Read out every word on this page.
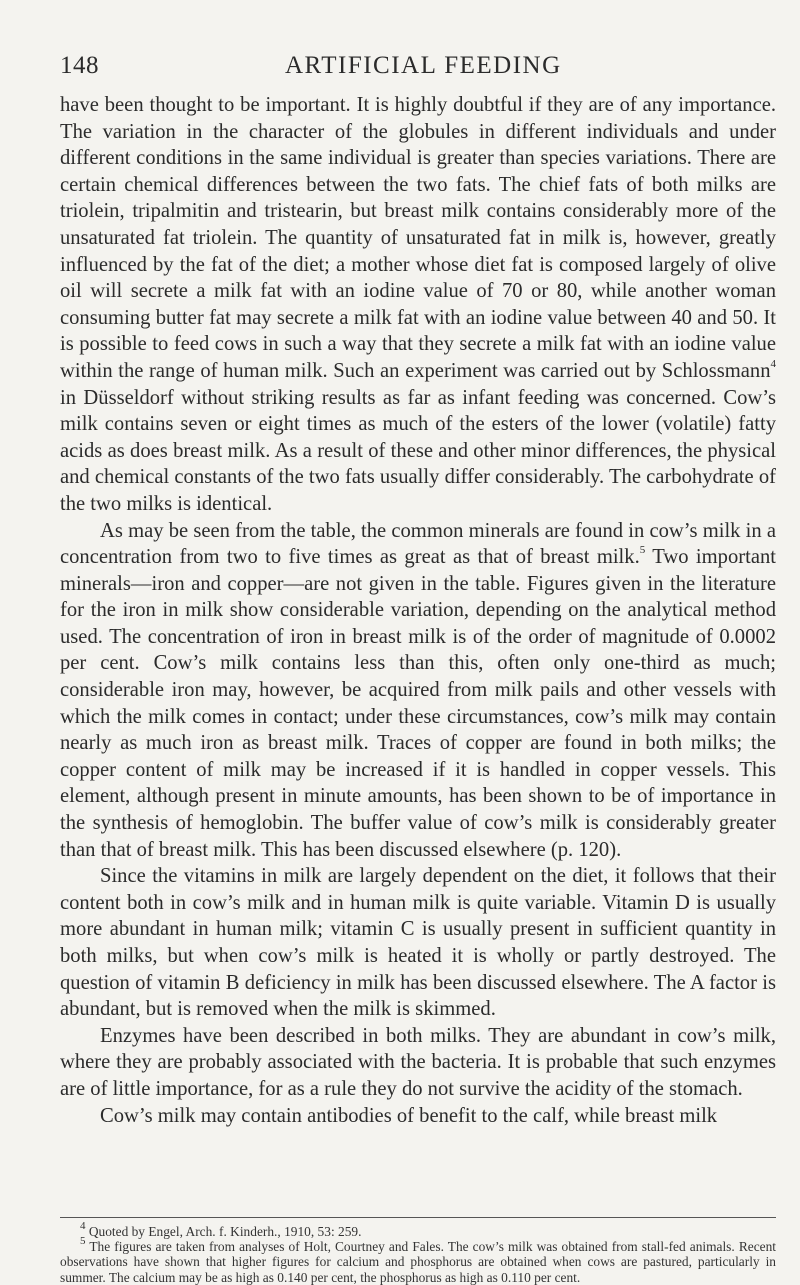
148	ARTIFICIAL FEEDING

have been thought to be important. It is highly doubtful if they are of any importance. The variation in the character of the globules in different individuals and under different conditions in the same individual is greater than species variations. There are certain chemical differences between the two fats. The chief fats of both milks are triolein, tripalmitin and tristearin, but breast milk contains considerably more of the unsaturated fat triolein. The quantity of unsaturated fat in milk is, however, greatly influenced by the fat of the diet; a mother whose diet fat is composed largely of olive oil will secrete a milk fat with an iodine value of 70 or 80, while another woman consuming butter fat may secrete a milk fat with an iodine value between 40 and 50. It is possible to feed cows in such a way that they secrete a milk fat with an iodine value within the range of human milk. Such an experiment was carried out by Schlossmann$^4$ in Düsseldorf without striking results as far as infant feeding was concerned. Cow’s milk contains seven or eight times as much of the esters of the lower (volatile) fatty acids as does breast milk. As a result of these and other minor differences, the physical and chemical constants of the two fats usually differ considerably. The carbohydrate of the two milks is identical.

As may be seen from the table, the common minerals are found in cow’s milk in a concentration from two to five times as great as that of breast milk.$^5$ Two important minerals—iron and copper—are not given in the table. Figures given in the literature for the iron in milk show considerable variation, depending on the analytical method used. The concentration of iron in breast milk is of the order of magnitude of 0.0002 per cent. Cow’s milk contains less than this, often only one-third as much; considerable iron may, however, be acquired from milk pails and other vessels with which the milk comes in contact; under these circumstances, cow’s milk may contain nearly as much iron as breast milk. Traces of copper are found in both milks; the copper content of milk may be increased if it is handled in copper vessels. This element, although present in minute amounts, has been shown to be of importance in the synthesis of hemoglobin. The buffer value of cow’s milk is considerably greater than that of breast milk. This has been discussed elsewhere (p. 120).

Since the vitamins in milk are largely dependent on the diet, it follows that their content both in cow’s milk and in human milk is quite variable. Vitamin D is usually more abundant in human milk; vitamin C is usually present in sufficient quantity in both milks, but when cow’s milk is heated it is wholly or partly destroyed. The question of vitamin B deficiency in milk has been discussed elsewhere. The A factor is abundant, but is removed when the milk is skimmed.

Enzymes have been described in both milks. They are abundant in cow’s milk, where they are probably associated with the bacteria. It is probable that such enzymes are of little importance, for as a rule they do not survive the acidity of the stomach.

Cow’s milk may contain antibodies of benefit to the calf, while breast milk

$^4$ Quoted by Engel, Arch. f. Kinderh., 1910, 53: 259.

$^5$ The figures are taken from analyses of Holt, Courtney and Fales. The cow’s milk was obtained from stall-fed animals. Recent observations have shown that higher figures for calcium and phosphorus are obtained when cows are pastured, particularly in summer. The calcium may be as high as 0.140 per cent, the phosphorus as high as 0.110 per cent.
